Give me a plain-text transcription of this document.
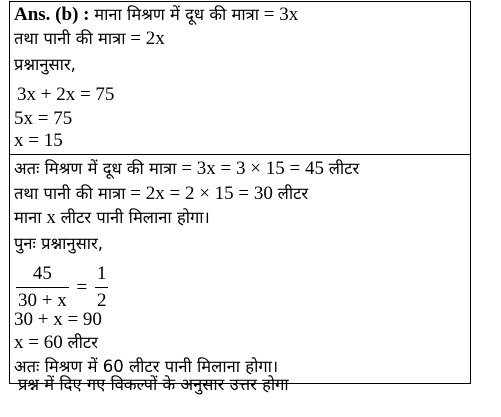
Ans. (b) : माना मिश्रण में दूध की मात्रा = 3x
तथा पानी की मात्रा = 2x
प्रश्नानुसार,
3x + 2x = 75
5x = 75
x = 15
अतः मिश्रण में दूध की मात्रा = 3x = 3 × 15 = 45 लीटर
तथा पानी की मात्रा = 2x = 2 × 15 = 30 लीटर
माना x लीटर पानी मिलाना होगा।
पुनः प्रश्नानुसार,
$\frac{45}{30 + x} = \frac{1}{2}$
30 + x = 90
x = 60 लीटर
अतः मिश्रण में 60 लीटर पानी मिलाना होगा।
प्रश्न में दिए गए विकल्पों के अनुसार उत्तर होगा
